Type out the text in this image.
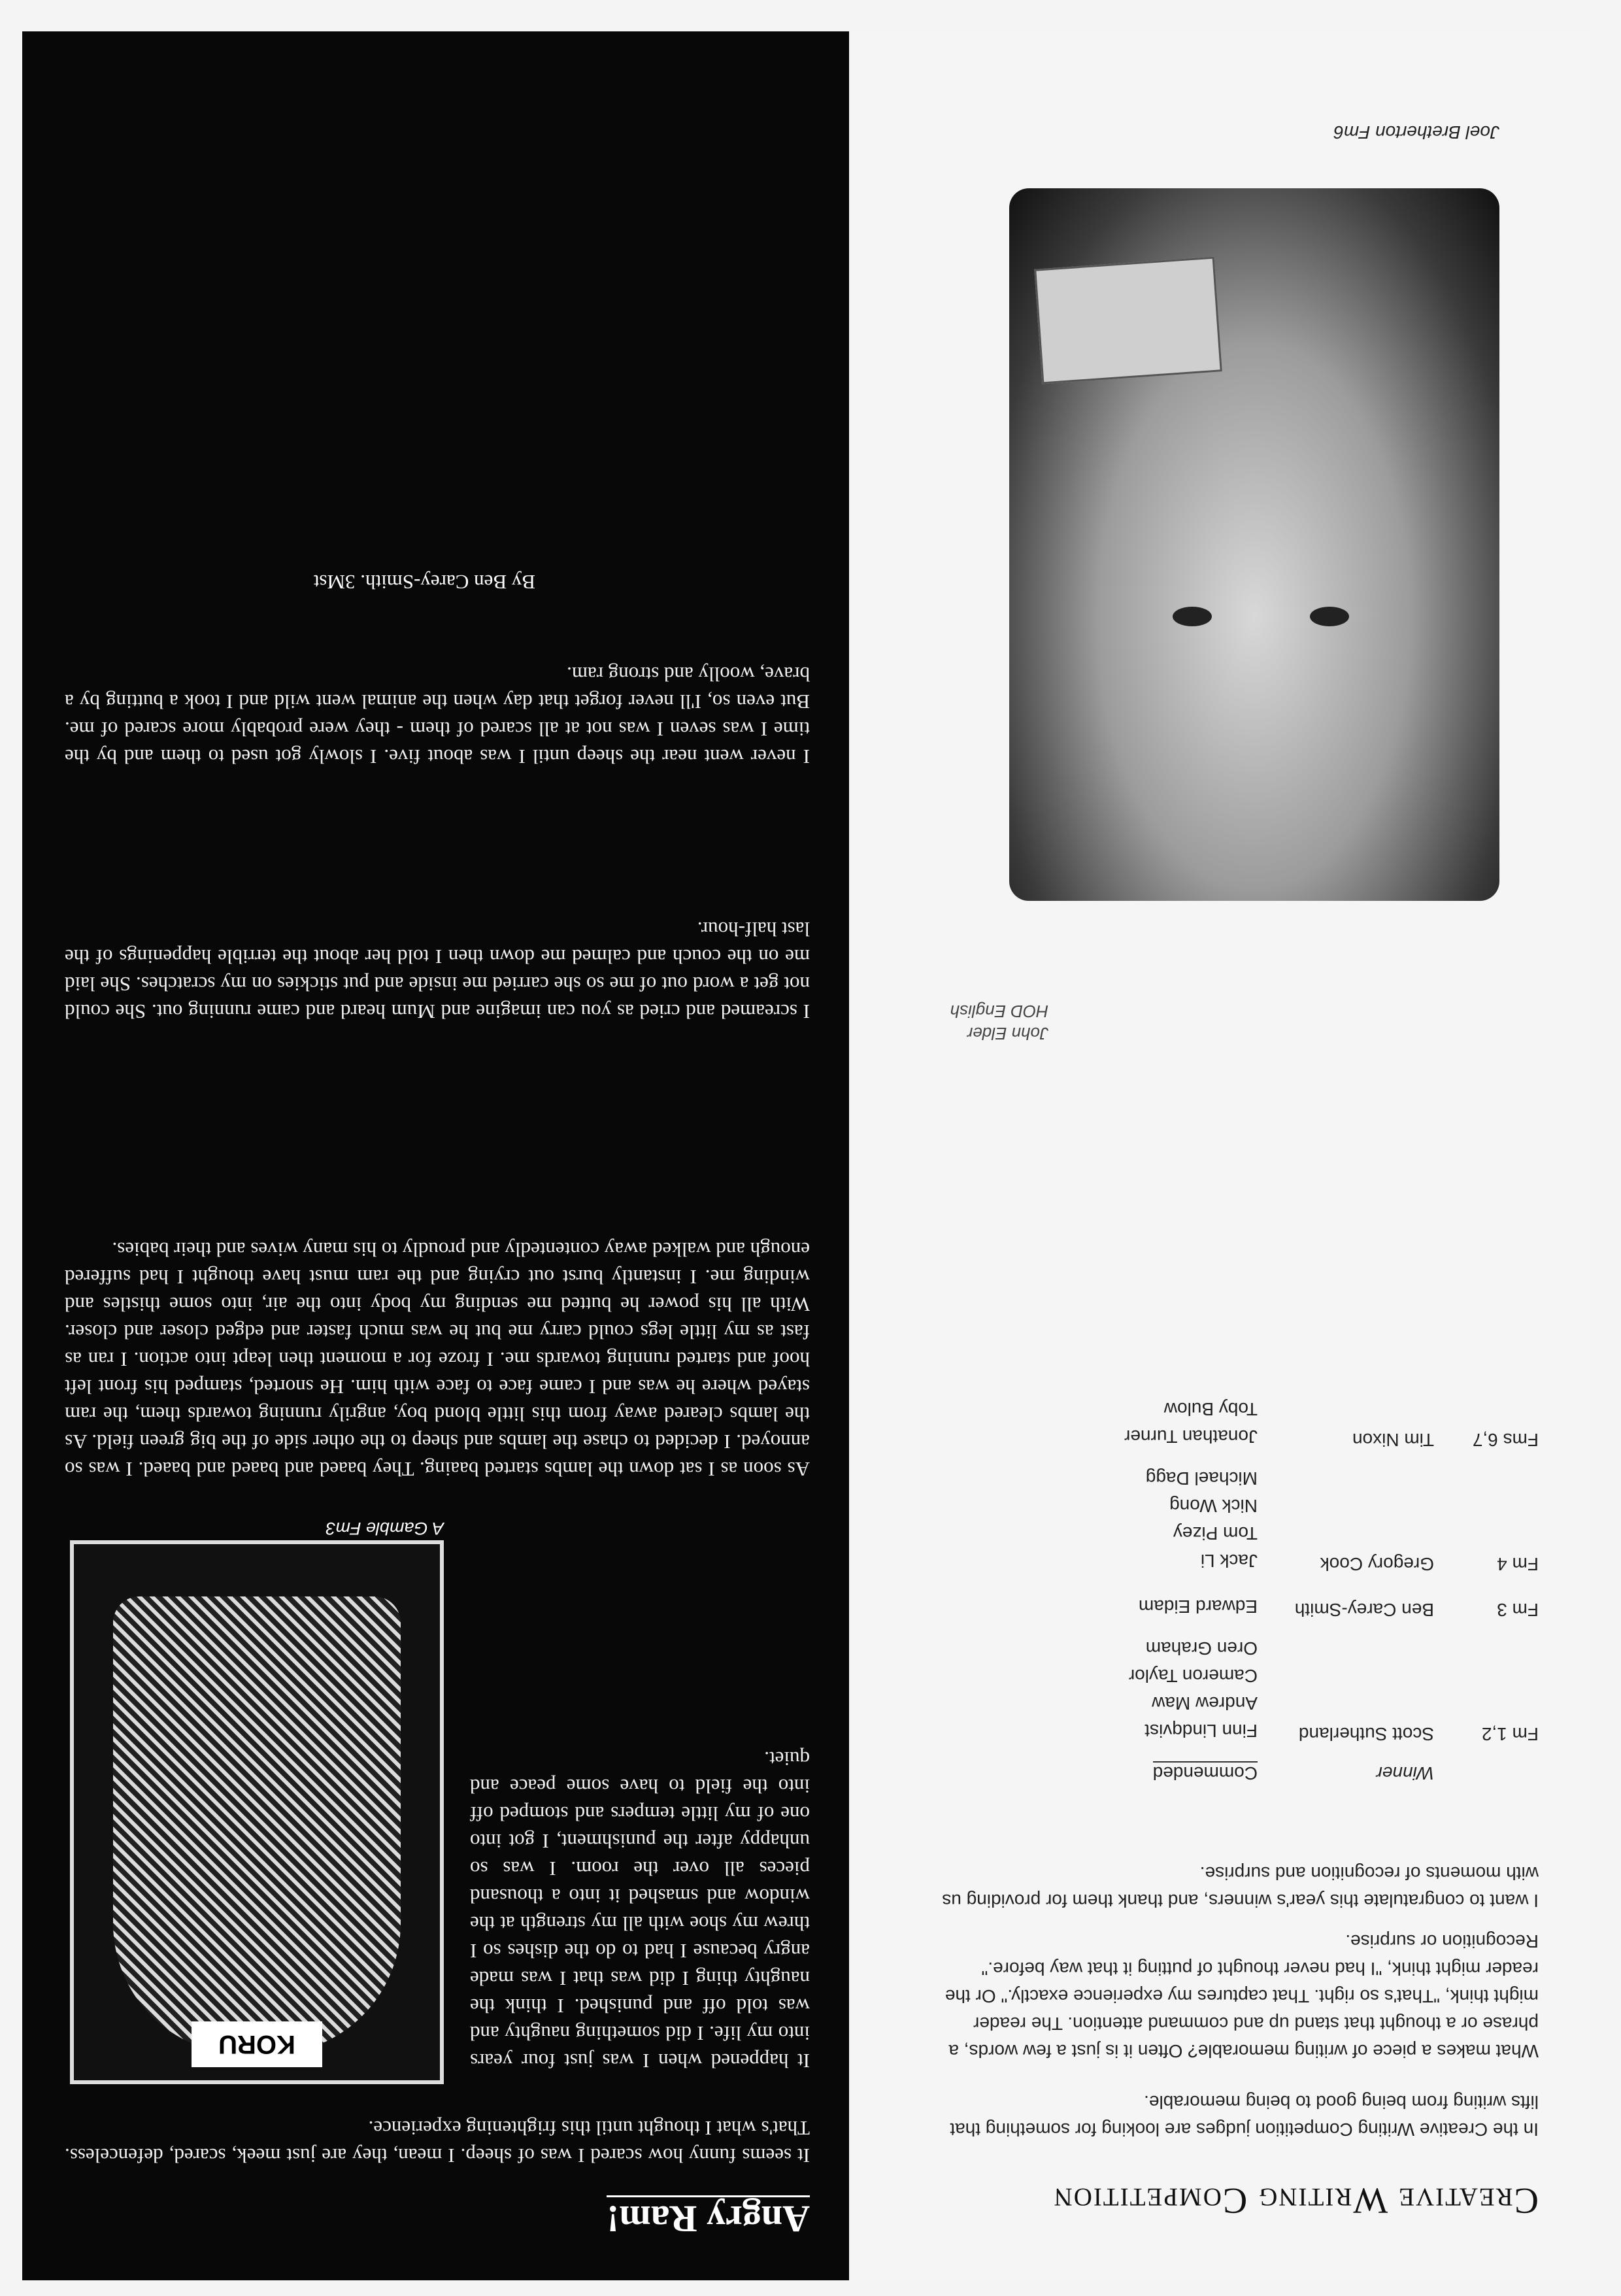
Creative Writing Competition
In the Creative Writing Competition judges are looking for something that lifts writing from being good to being memorable.
What makes a piece of writing memorable? Often it is just a few words, a phrase or a thought that stand up and command attention. The reader might think, "That's so right. That captures my experience exactly." Or the reader might think, "I had never thought of putting it that way before." Recognition or surprise.
I want to congratulate this year's winners, and thank them for providing us with moments of recognition and surprise.
Winner
Commended
Fm 1,2
Scott Sutherland
Finn Lindqvist
Andrew Maw
Cameron Taylor
Oren Graham
Fm 3
Ben Carey-Smith
Edward Eidam
Fm 4
Gregory Cook
Jack Li
Tom Pizey
Nick Wong
Michael Dagg
Fms 6,7
Tim Nixon
Jonathan Turner
Toby Bulow
John Elder
HOD English
Joel Bretherton Fm6
Angry Ram!
It seems funny how scared I was of sheep. I mean, they are just meek, scared, defenceless. That's what I thought until this frightening experience.
It happened when I was just four years into my life. I did something naughty and was told off and punished. I think the naughty thing I did was that I was made angry because I had to do the dishes so I threw my shoe with all my strength at the window and smashed it into a thousand pieces all over the room. I was so unhappy after the punishment, I got into one of my little tempers and stomped off into the field to have some peace and quiet.
KORU
A Gamble Fm3
As soon as I sat down the lambs started baaing. They baaed and baaed and baaed. I was so annoyed. I decided to chase the lambs and sheep to the other side of the big green field. As the lambs cleared away from this little blond boy, angrily running towards them, the ram stayed where he was and I came face to face with him. He snorted, stamped his front left hoof and started running towards me. I froze for a moment then leapt into action. I ran as fast as my little legs could carry me but he was much faster and edged closer and closer. With all his power he butted me sending my body into the air, into some thistles and winding me. I instantly burst out crying and the ram must have thought I had suffered enough and walked away contentedly and proudly to his many wives and their babies.
I screamed and cried as you can imagine and Mum heard and came running out. She could not get a word out of me so she carried me inside and put stickies on my scratches. She laid me on the couch and calmed me down then I told her about the terrible happenings of the last half-hour.
I never went near the sheep until I was about five. I slowly got used to them and by the time I was seven I was not at all scared of them - they were probably more scared of me. But even so, I'll never forget that day when the animal went wild and I took a butting by a brave, woolly and strong ram.
By Ben Carey-Smith. 3Mst
